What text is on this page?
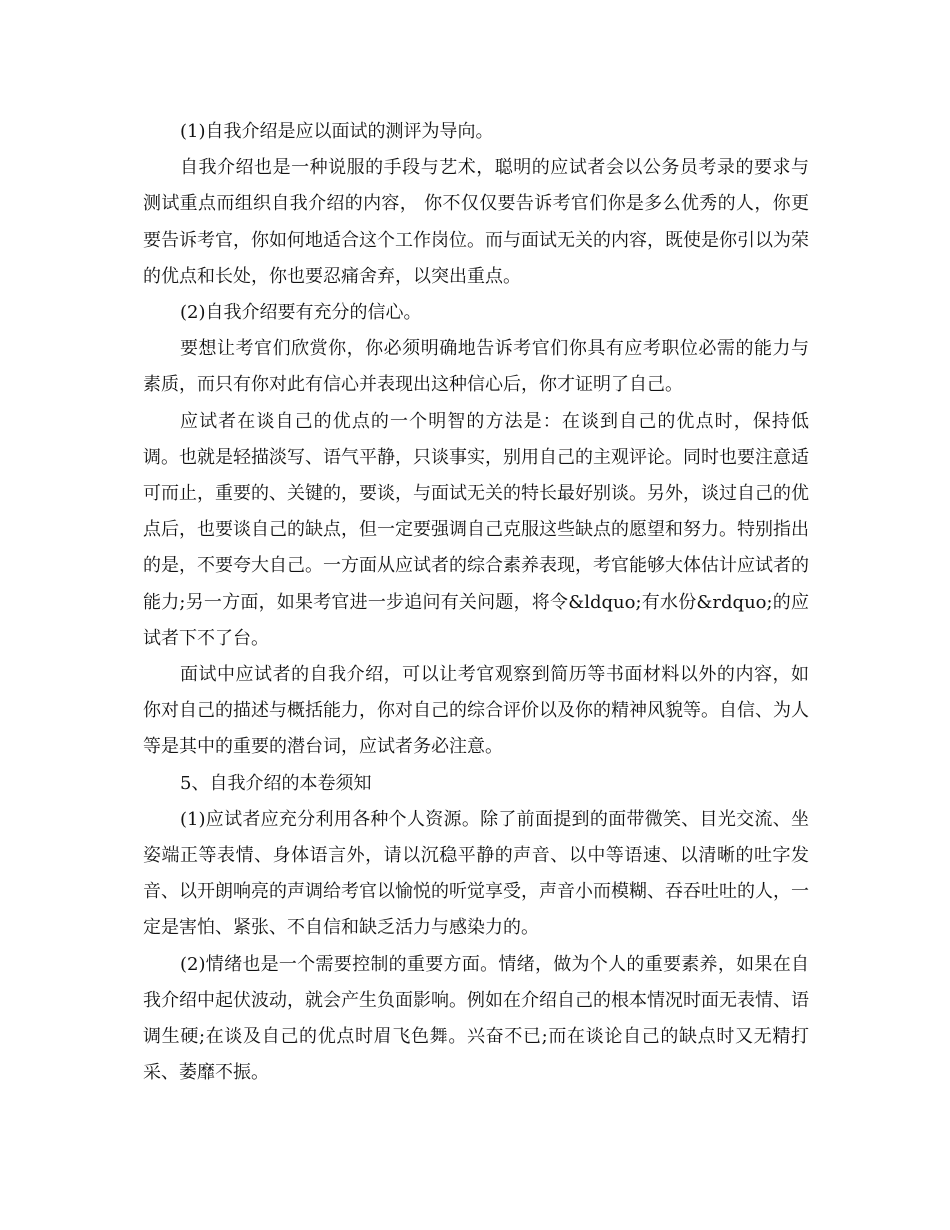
(1)自我介绍是应以面试的测评为导向。

自我介绍也是一种说服的手段与艺术，聪明的应试者会以公务员考录的要求与测试重点而组织自我介绍的内容， 你不仅仅要告诉考官们你是多么优秀的人，你更要告诉考官，你如何地适合这个工作岗位。而与面试无关的内容，既使是你引以为荣的优点和长处，你也要忍痛舍弃，以突出重点。

(2)自我介绍要有充分的信心。

要想让考官们欣赏你，你必须明确地告诉考官们你具有应考职位必需的能力与素质，而只有你对此有信心并表现出这种信心后，你才证明了自己。

应试者在谈自己的优点的一个明智的方法是：在谈到自己的优点时，保持低调。也就是轻描淡写、语气平静，只谈事实，别用自己的主观评论。同时也要注意适可而止，重要的、关键的，要谈，与面试无关的特长最好别谈。另外，谈过自己的优点后，也要谈自己的缺点，但一定要强调自己克服这些缺点的愿望和努力。特别指出的是，不要夸大自己。一方面从应试者的综合素养表现，考官能够大体估计应试者的能力;另一方面，如果考官进一步追问有关问题，将令&ldquo;有水份&rdquo;的应试者下不了台。

面试中应试者的自我介绍，可以让考官观察到简历等书面材料以外的内容，如你对自己的描述与概括能力，你对自己的综合评价以及你的精神风貌等。自信、为人等是其中的重要的潜台词，应试者务必注意。

5、自我介绍的本卷须知

(1)应试者应充分利用各种个人资源。除了前面提到的面带微笑、目光交流、坐姿端正等表情、身体语言外，请以沉稳平静的声音、以中等语速、以清晰的吐字发音、以开朗响亮的声调给考官以愉悦的听觉享受，声音小而模糊、吞吞吐吐的人，一定是害怕、紧张、不自信和缺乏活力与感染力的。

(2)情绪也是一个需要控制的重要方面。情绪，做为个人的重要素养，如果在自我介绍中起伏波动，就会产生负面影响。例如在介绍自己的根本情况时面无表情、语调生硬;在谈及自己的优点时眉飞色舞。兴奋不已;而在谈论自己的缺点时又无精打采、萎靡不振。
